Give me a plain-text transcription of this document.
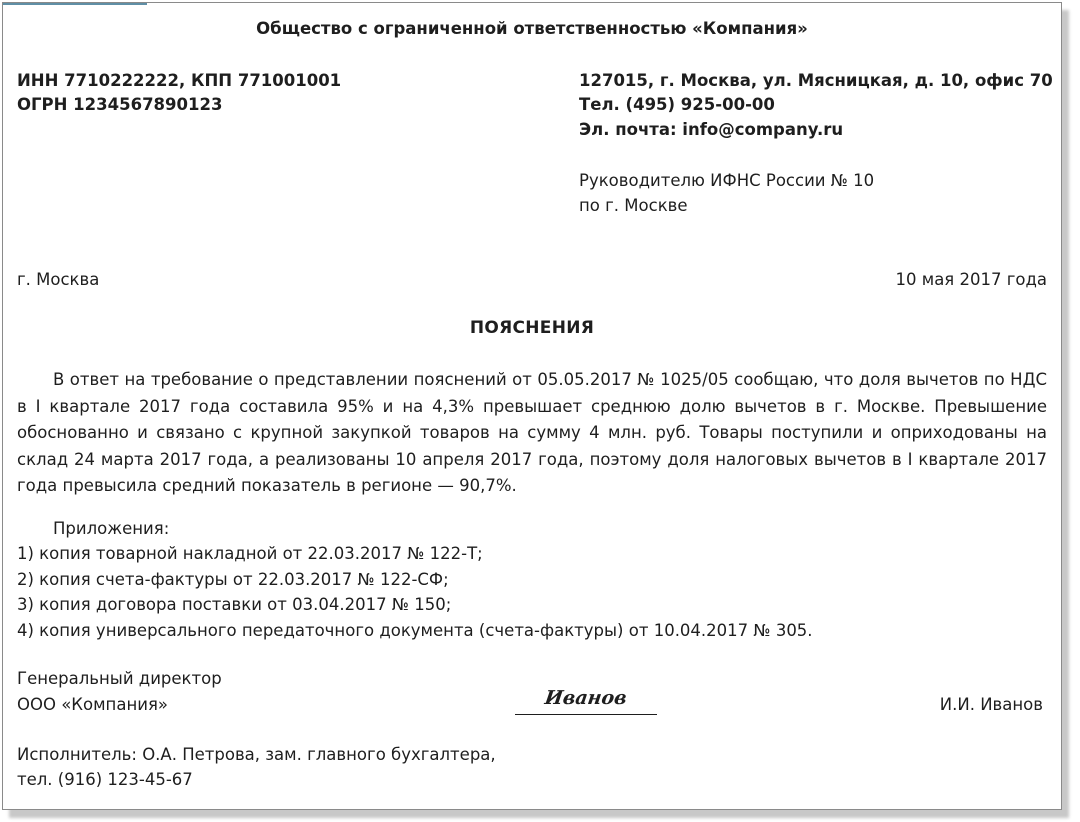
Общество с ограниченной ответственностью «Компания»
ИНН 7710222222, КПП 771001001
ОГРН 1234567890123
127015, г. Москва, ул. Мясницкая, д. 10, офис 70
Тел. (495) 925-00-00
Эл. почта: info@company.ru
Руководителю ИФНС России № 10
по г. Москве
г. Москва	10 мая 2017 года
ПОЯСНЕНИЯ

В ответ на требование о представлении пояснений от 05.05.2017 № 1025/05 сообщаю, что доля вычетов по НДС в I квартале 2017 года составила 95% и на 4,3% превышает среднюю долю вычетов в г. Москве. Превышение обоснованно и связано с крупной закупкой товаров на сумму 4 млн. руб. Товары поступили и оприходованы на склад 24 марта 2017 года, а реализованы 10 апреля 2017 года, поэтому доля налоговых вычетов в I квартале 2017 года превысила средний показатель в регионе — 90,7%.

Приложения:
1) копия товарной накладной от 22.03.2017 № 122-Т;
2) копия счета-фактуры от 22.03.2017 № 122-СФ;
3) копия договора поставки от 03.04.2017 № 150;
4) копия универсального передаточного документа (счета-фактуры) от 10.04.2017 № 305.
Генеральный директор
ООО «Компания»	Иванов	И.И. Иванов
Исполнитель: О.А. Петрова, зам. главного бухгалтера,
тел. (916) 123-45-67
